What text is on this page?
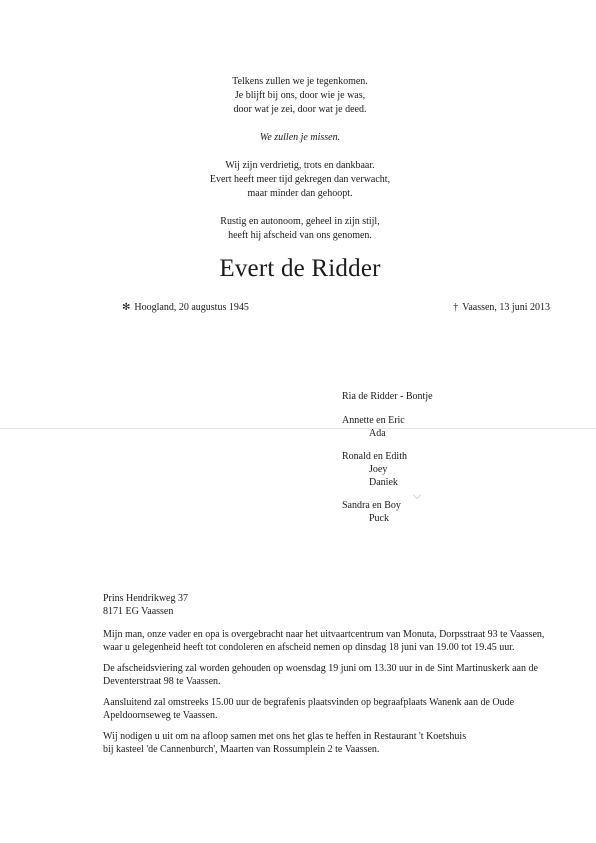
Telkens zullen we je tegenkomen.
Je blijft bij ons, door wie je was,
door wat je zei, door wat je deed.
We zullen je missen.
Wij zijn verdrietig, trots en dankbaar.
Evert heeft meer tijd gekregen dan verwacht,
maar minder dan gehoopt.
Rustig en autonoom, geheel in zijn stijl,
heeft hij afscheid van ons genomen.
Evert de Ridder
✻ Hoogland, 20 augustus 1945	† Vaassen, 13 juni 2013
Ria de Ridder - Bontje
Annette en Eric
Ada
Ronald en Edith
Joey
Daniek
Sandra en Boy
Puck
Prins Hendrikweg 37
8171 EG Vaassen

Mijn man, onze vader en opa is overgebracht naar het uitvaartcentrum van Monuta, Dorpsstraat 93 te Vaassen,
waar u gelegenheid heeft tot condoleren en afscheid nemen op dinsdag 18 juni van 19.00 tot 19.45 uur.

De afscheidsviering zal worden gehouden op woensdag 19 juni om 13.30 uur in de Sint Martinuskerk aan de
Deventerstraat 98 te Vaassen.

Aansluitend zal omstreeks 15.00 uur de begrafenis plaatsvinden op begraafplaats Wanenk aan de Oude
Apeldoornseweg te Vaassen.

Wij nodigen u uit om na afloop samen met ons het glas te heffen in Restaurant 't Koetshuis
bij kasteel 'de Cannenburch', Maarten van Rossumplein 2 te Vaassen.
